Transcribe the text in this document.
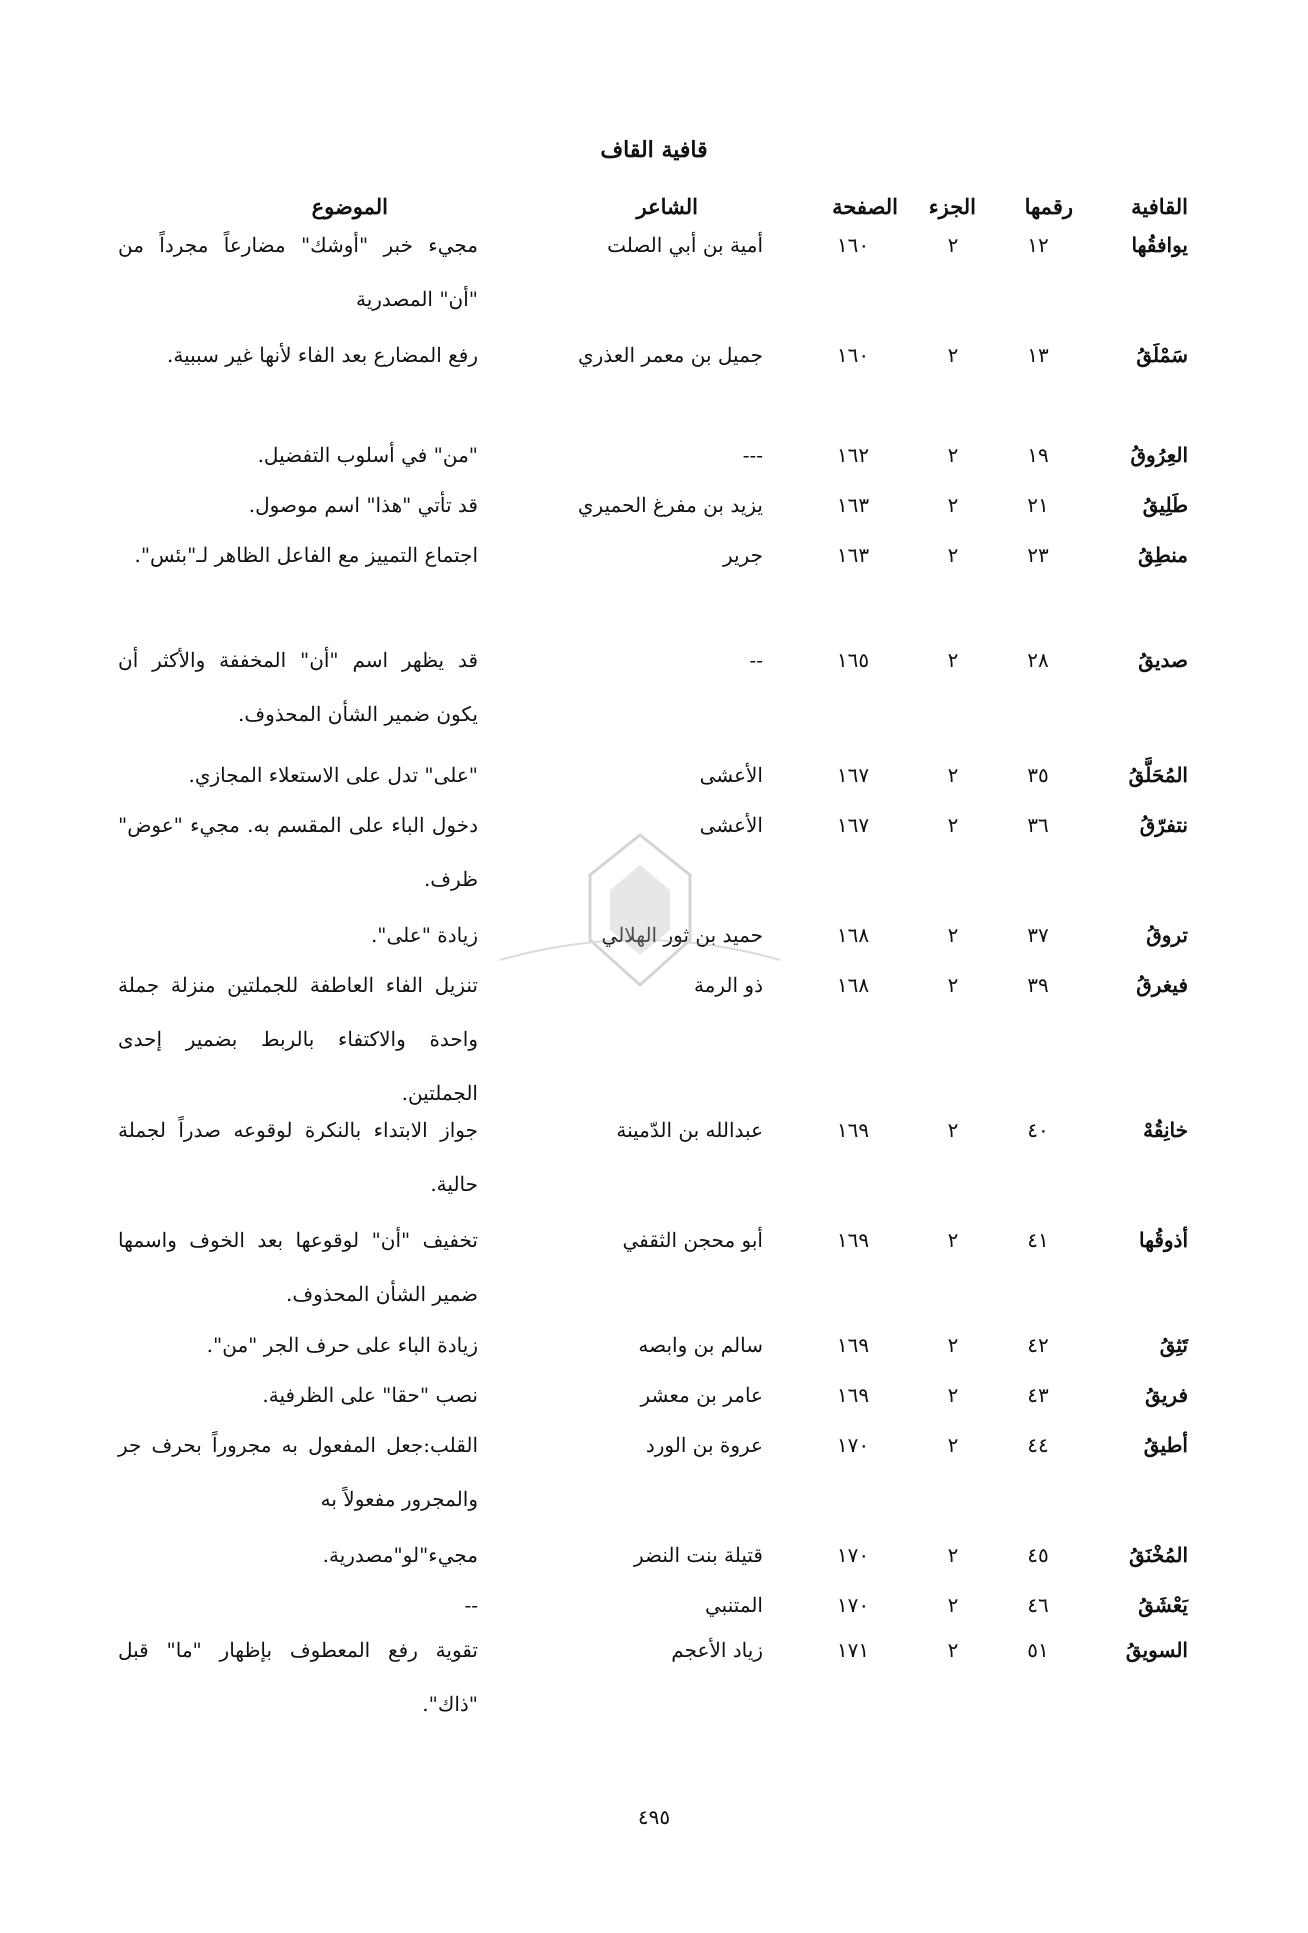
قافية القاف
القافية
رقمها
الجزء
الصفحة
الشاعر
الموضوع
يوافقُها
١٢
٢
١٦٠
أمية بن أبي الصلت
مجيء خبر "أوشك" مضارعاً مجرداً من "أن" المصدرية
سَمْلَقُ
١٣
٢
١٦٠
جميل بن معمر العذري
رفع المضارع بعد الفاء لأنها غير سببية.
العِرُوقُ
١٩
٢
١٦٢
---
"من" في أسلوب التفضيل.
طَلِيقُ
٢١
٢
١٦٣
يزيد بن مفرغ الحميري
قد تأتي "هذا" اسم موصول.
منطِقُ
٢٣
٢
١٦٣
جرير
اجتماع التمييز مع الفاعل الظاهر لـ"بئس".
صديقُ
٢٨
٢
١٦٥
--
قد يظهر اسم "أن" المخففة والأكثر أن يكون ضمير الشأن المحذوف.
المُحَلَّقُ
٣٥
٢
١٦٧
الأعشى
"على" تدل على الاستعلاء المجازي.
نتفرّقُ
٣٦
٢
١٦٧
الأعشى
دخول الباء على المقسم به. مجيء "عوض" ظرف.
تروقُ
٣٧
٢
١٦٨
حميد بن ثور الهلالي
زيادة "على".
فيغرقُ
٣٩
٢
١٦٨
ذو الرمة
تنزيل الفاء العاطفة للجملتين منزلة جملة واحدة والاكتفاء بالربط بضمير إحدى الجملتين.
خانِقُهْ
٤٠
٢
١٦٩
عبدالله بن الدّمينة
جواز الابتداء بالنكرة لوقوعه صدراً لجملة حالية.
أذوقُها
٤١
٢
١٦٩
أبو محجن الثقفي
تخفيف "أن" لوقوعها بعد الخوف واسمها ضمير الشأن المحذوف.
تَثِقُ
٤٢
٢
١٦٩
سالم بن وابصه
زيادة الباء على حرف الجر "من".
فريقُ
٤٣
٢
١٦٩
عامر بن معشر
نصب "حقا" على الظرفية.
أطيقُ
٤٤
٢
١٧٠
عروة بن الورد
القلب:جعل المفعول به مجروراً بحرف جر والمجرور مفعولاً به
المُخْنَقُ
٤٥
٢
١٧٠
قتيلة بنت النضر
مجيء"لو"مصدرية.
يَعْشَقُ
٤٦
٢
١٧٠
المتنبي
--
السويقُ
٥١
٢
١٧١
زياد الأعجم
تقوية رفع المعطوف بإظهار "ما" قبل "ذاك".
٤٩٥
